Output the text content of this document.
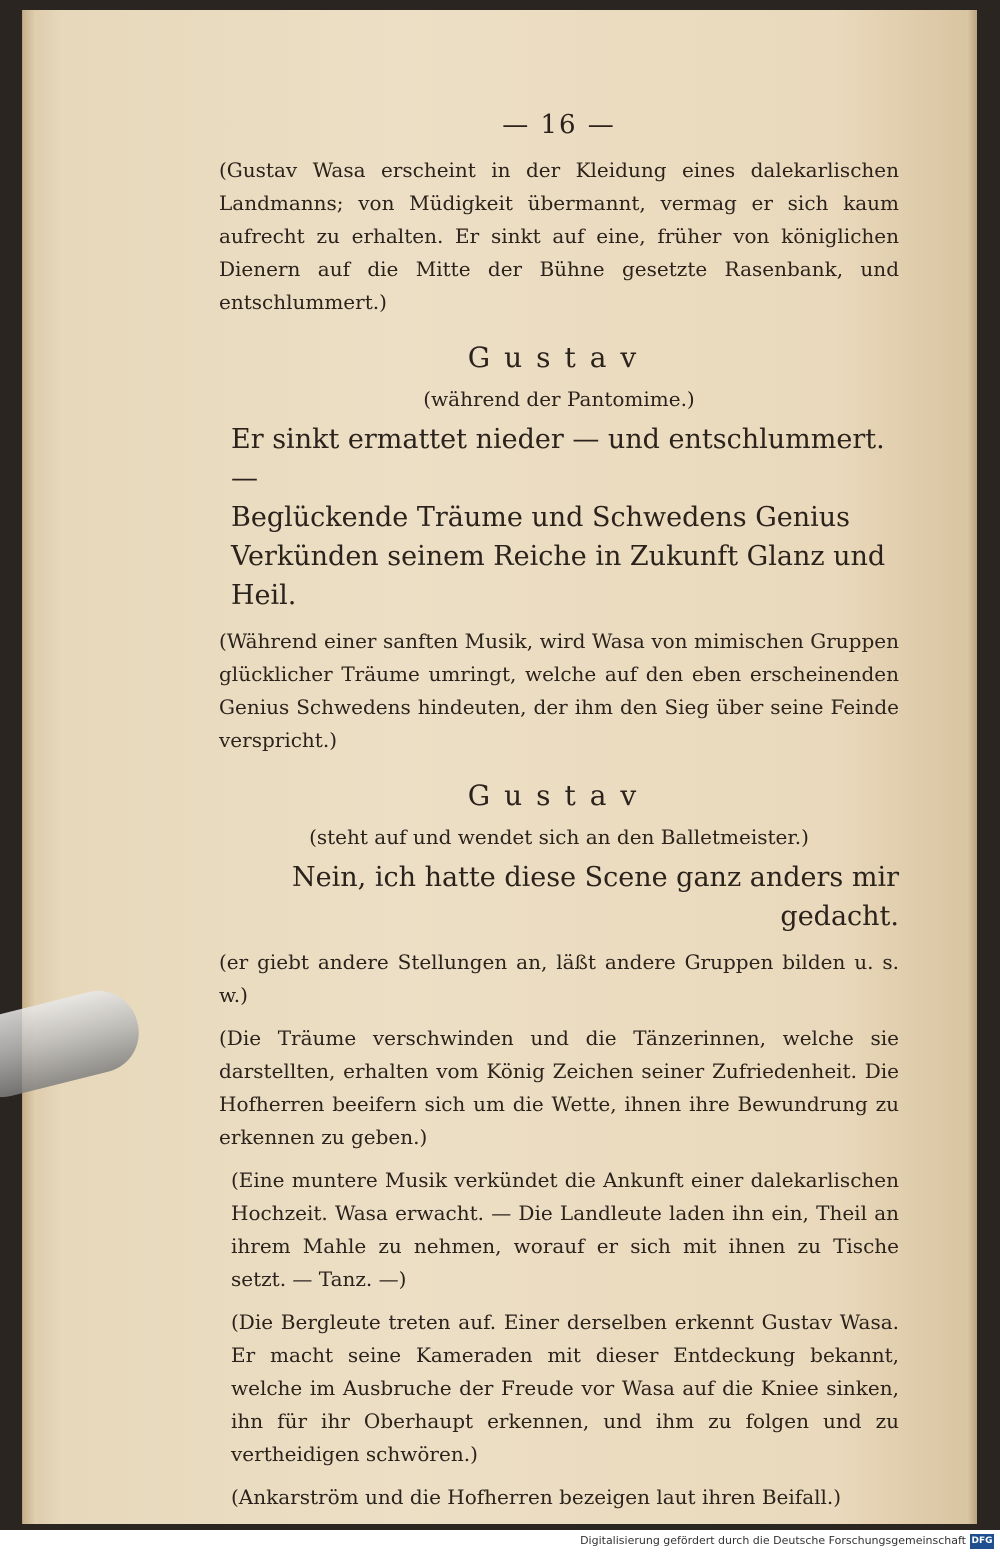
— 16 —

(Gustav Wasa erscheint in der Kleidung eines dalekarlischen Landmanns; von Müdigkeit übermannt, vermag er sich kaum aufrecht zu erhalten. Er sinkt auf eine, früher von königlichen Dienern auf die Mitte der Bühne gesetzte Rasenbank, und entschlummert.)

Gustav
(während der Pantomime.)

Er sinkt ermattet nieder — und entschlummert. —

Beglückende Träume und Schwedens Genius

Verkünden seinem Reiche in Zukunft Glanz und Heil.

(Während einer sanften Musik, wird Wasa von mimischen Gruppen glücklicher Träume umringt, welche auf den eben erscheinenden Genius Schwedens hindeuten, der ihm den Sieg über seine Feinde verspricht.)

Gustav
(steht auf und wendet sich an den Balletmeister.)

Nein, ich hatte diese Scene ganz anders mir gedacht.

(er giebt andere Stellungen an, läßt andere Gruppen bilden u. s. w.)

(Die Träume verschwinden und die Tänzerinnen, welche sie darstellten, erhalten vom König Zeichen seiner Zufriedenheit. Die Hofherren beeifern sich um die Wette, ihnen ihre Bewundrung zu erkennen zu geben.)

(Eine muntere Musik verkündet die Ankunft einer dalekarlischen Hochzeit. Wasa erwacht. — Die Landleute laden ihn ein, Theil an ihrem Mahle zu nehmen, worauf er sich mit ihnen zu Tische setzt. — Tanz. —)

(Die Bergleute treten auf. Einer derselben erkennt Gustav Wasa. Er macht seine Kameraden mit dieser Entdeckung bekannt, welche im Ausbruche der Freude vor Wasa auf die Kniee sinken, ihn für ihr Oberhaupt erkennen, und ihm zu folgen und zu vertheidigen schwören.)

(Ankarström und die Hofherren bezeigen laut ihren Beifall.)

Digitalisierung gefördert durch die Deutsche Forschungsgemeinschaft DFG
